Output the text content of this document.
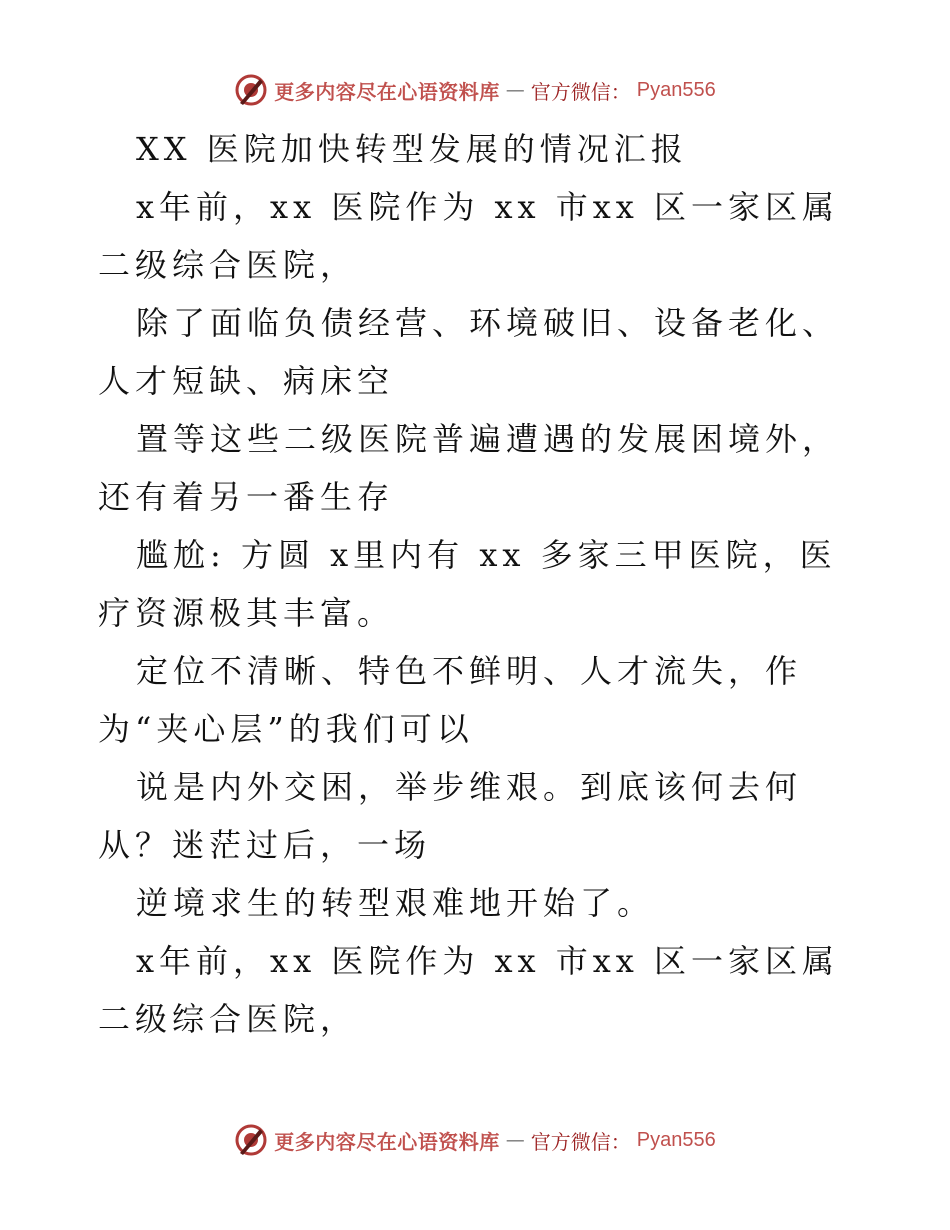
更多内容尽在心语资料库 — 官方微信： Pyan556

XX 医院加快转型发展的情况汇报

x年前，xx 医院作为 xx 市xx 区一家区属二级综合医院，

除了面临负债经营、环境破旧、设备老化、人才短缺、病床空

置等这些二级医院普遍遭遇的发展困境外，还有着另一番生存

尴尬: 方圆 x里内有 xx 多家三甲医院，医疗资源极其丰富。

定位不清晰、特色不鲜明、人才流失，作为“夹心层”的我们可以

说是内外交困，举步维艰。到底该何去何从？迷茫过后，一场

逆境求生的转型艰难地开始了。

x年前，xx 医院作为 xx 市xx 区一家区属二级综合医院，

更多内容尽在心语资料库 — 官方微信： Pyan556
